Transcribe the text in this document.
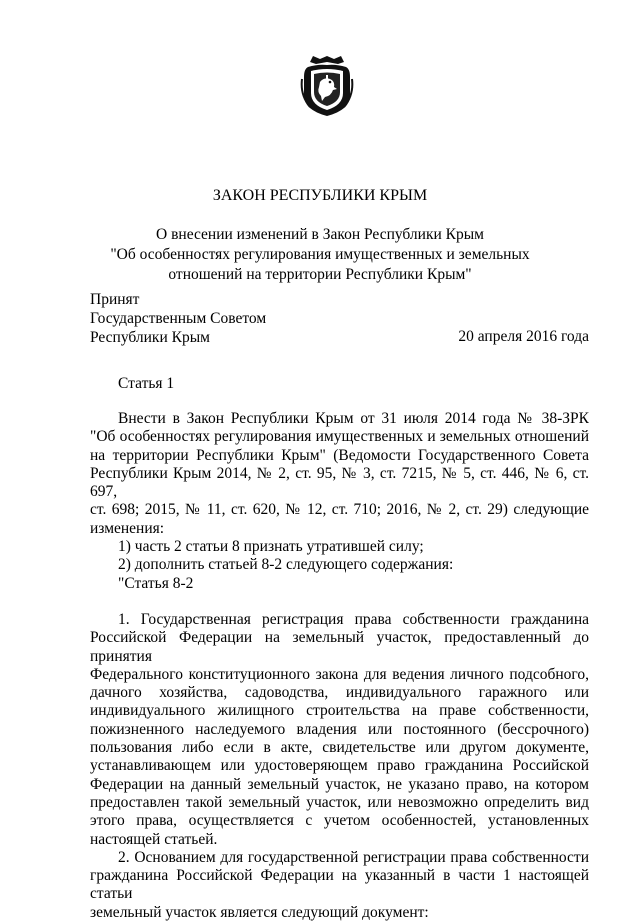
ЗАКОН РЕСПУБЛИКИ КРЫМ
О внесении изменений в Закон Республики Крым
"Об особенностях регулирования имущественных и земельных
отношений на территории Республики Крым"
Принят
Государственным Советом
Республики Крым	20 апреля 2016 года
Статья 1
Внести в Закон Республики Крым от 31 июля 2014 года № 38-ЗРК
"Об особенностях регулирования имущественных и земельных отношений
на территории Республики Крым" (Ведомости Государственного Совета
Республики Крым 2014, № 2, ст. 95, № 3, ст. 7215, № 5, ст. 446, № 6, ст. 697,
ст. 698; 2015, № 11, ст. 620, № 12, ст. 710; 2016, № 2, ст. 29) следующие
изменения:
1) часть 2 статьи 8 признать утратившей силу;
2) дополнить статьей 8-2 следующего содержания:
"Статья 8-2
1. Государственная регистрация права собственности гражданина
Российской Федерации на земельный участок, предоставленный до принятия
Федерального конституционного закона для ведения личного подсобного,
дачного хозяйства, садоводства, индивидуального гаражного или
индивидуального жилищного строительства на праве собственности,
пожизненного наследуемого владения или постоянного (бессрочного)
пользования либо если в акте, свидетельстве или другом документе,
устанавливающем или удостоверяющем право гражданина Российской
Федерации на данный земельный участок, не указано право, на котором
предоставлен такой земельный участок, или невозможно определить вид
этого права, осуществляется с учетом особенностей, установленных
настоящей статьей.
2. Основанием для государственной регистрации права собственности
гражданина Российской Федерации на указанный в части 1 настоящей статьи
земельный участок является следующий документ:
